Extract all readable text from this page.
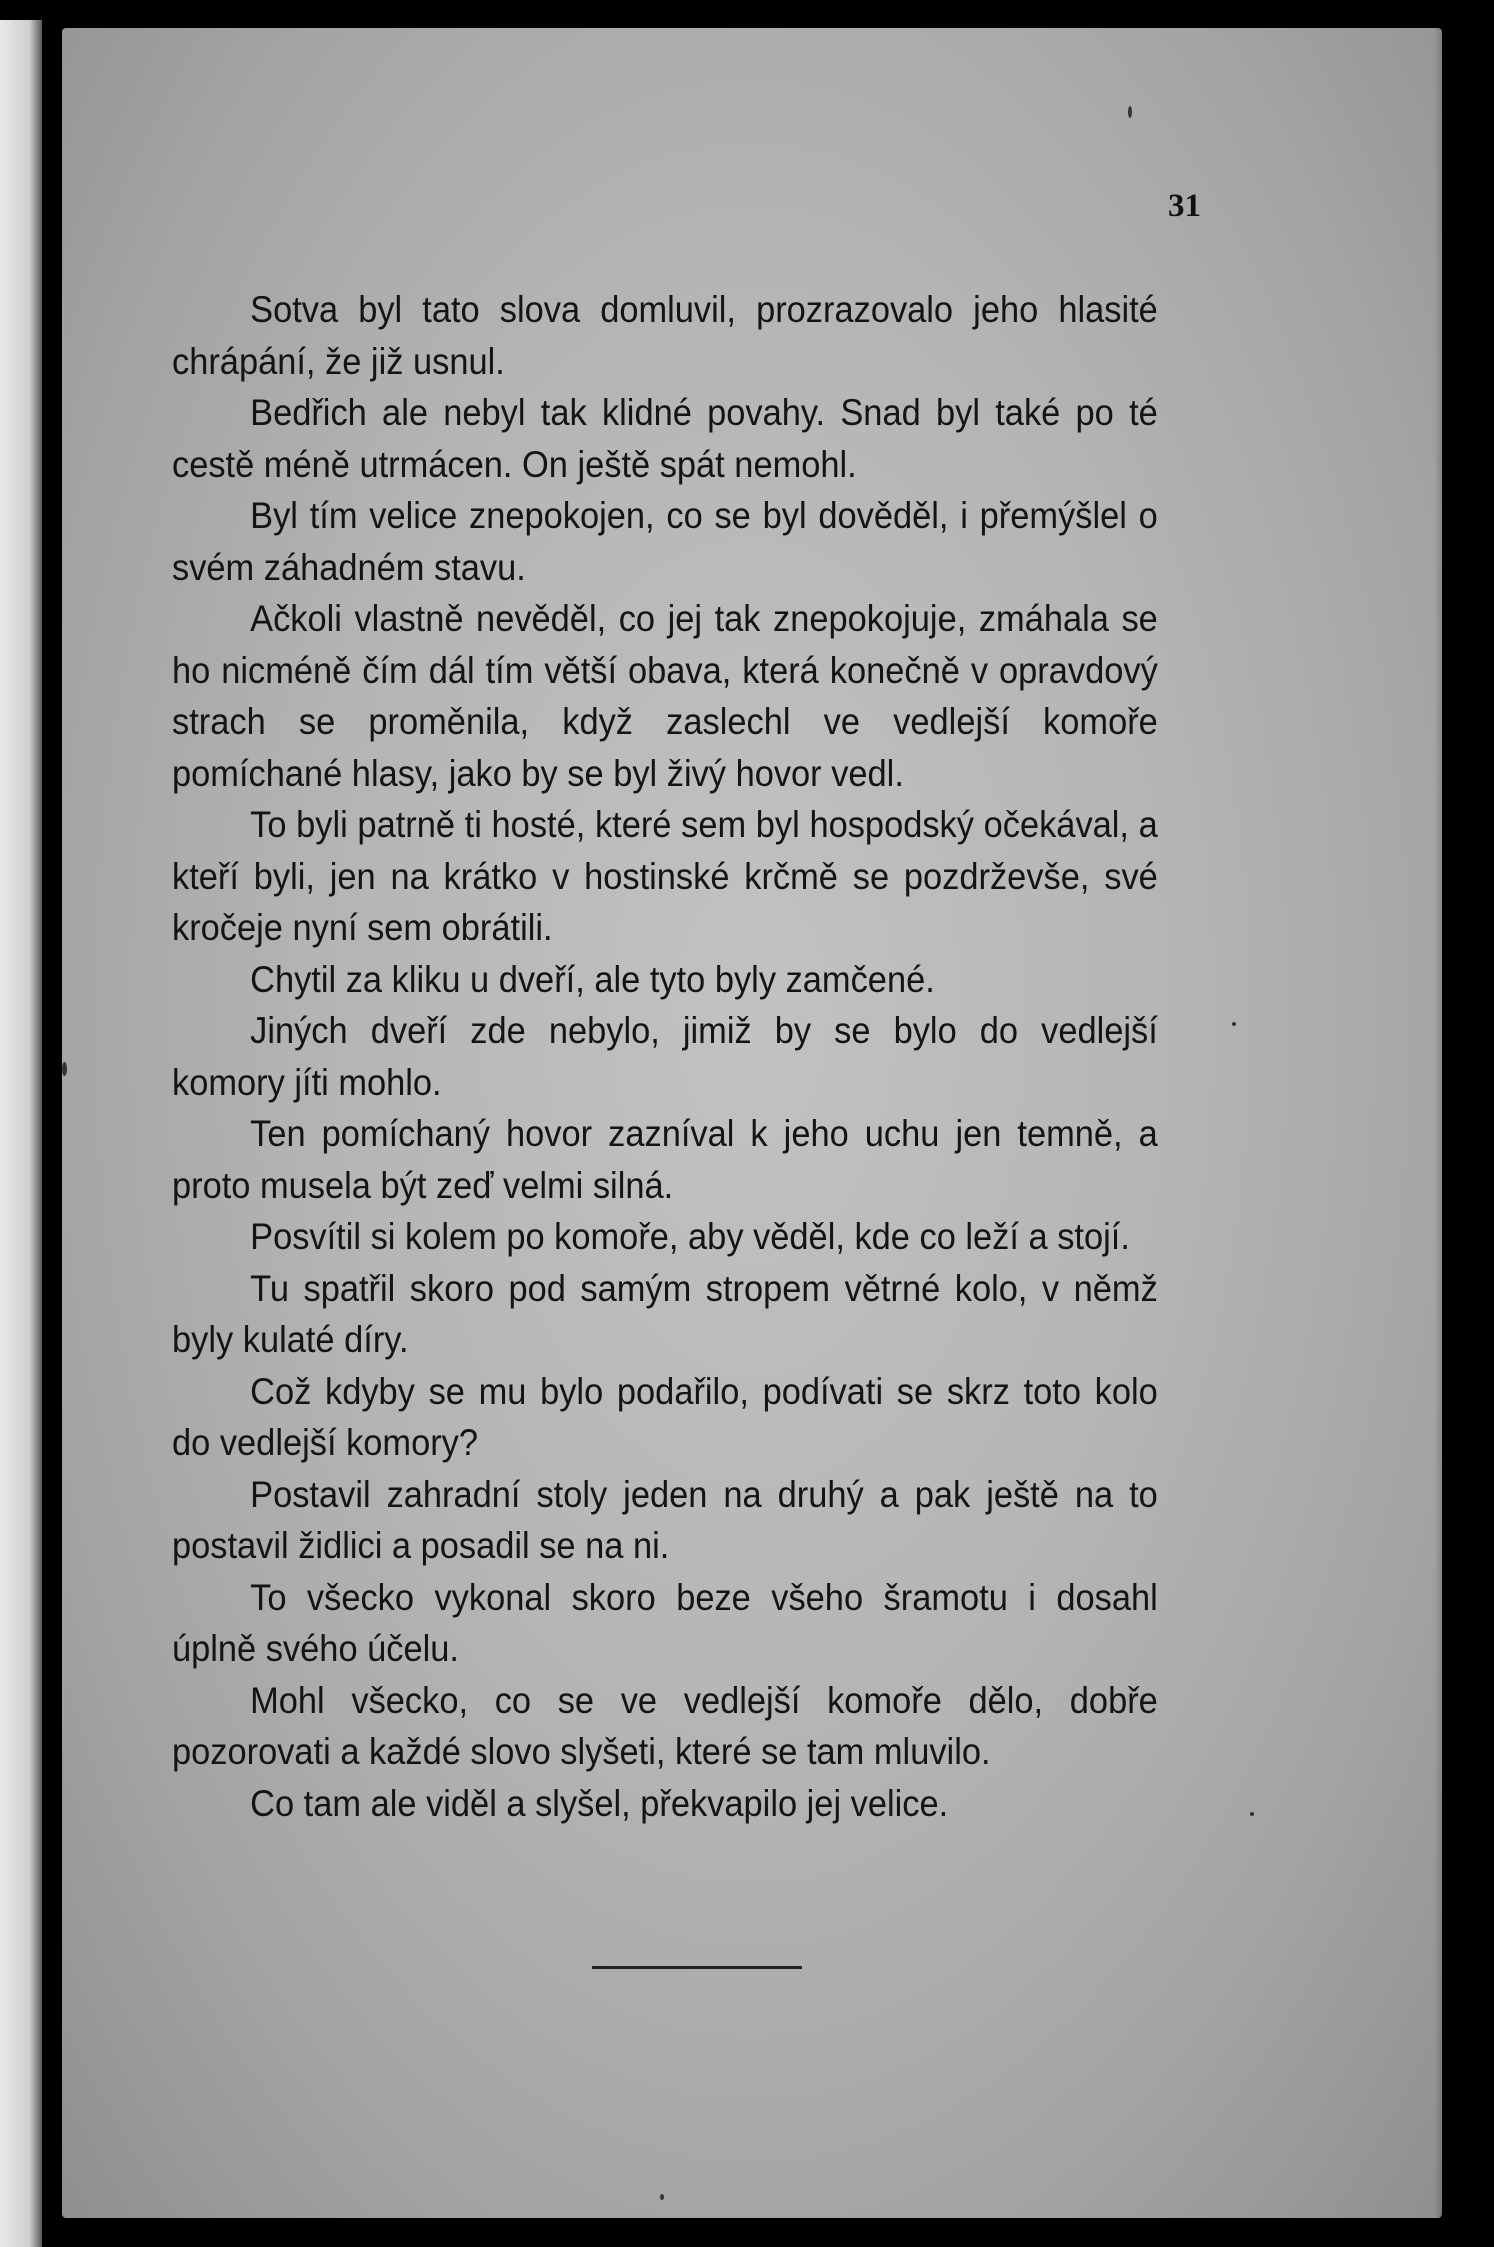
31

Sotva byl tato slova domluvil, prozrazovalo jeho hlasité chrápání, že již usnul.

Bedřich ale nebyl tak klidné povahy. Snad byl také po té cestě méně utrmácen. On ještě spát nemohl.

Byl tím velice znepokojen, co se byl dověděl, i přemýšlel o svém záhadném stavu.

Ačkoli vlastně nevěděl, co jej tak znepokojuje, zmáhala se ho nicméně čím dál tím větší obava, která konečně v opravdový strach se proměnila, když zaslechl ve vedlejší komoře pomíchané hlasy, jako by se byl živý hovor vedl.

To byli patrně ti hosté, které sem byl hospodský očekával, a kteří byli, jen na krátko v hostinské krčmě se pozdrževše, své kročeje nyní sem obrátili.

Chytil za kliku u dveří, ale tyto byly zamčené.

Jiných dveří zde nebylo, jimiž by se bylo do vedlejší komory jíti mohlo.

Ten pomíchaný hovor zazníval k jeho uchu jen temně, a proto musela být zeď velmi silná.

Posvítil si kolem po komoře, aby věděl, kde co leží a stojí.

Tu spatřil skoro pod samým stropem větrné kolo, v němž byly kulaté díry.

Což kdyby se mu bylo podařilo, podívati se skrz toto kolo do vedlejší komory?

Postavil zahradní stoly jeden na druhý a pak ještě na to postavil židlici a posadil se na ni.

To všecko vykonal skoro beze všeho šramotu i dosahl úplně svého účelu.

Mohl všecko, co se ve vedlejší komoře dělo, dobře pozorovati a každé slovo slyšeti, které se tam mluvilo.

Co tam ale viděl a slyšel, překvapilo jej velice.
